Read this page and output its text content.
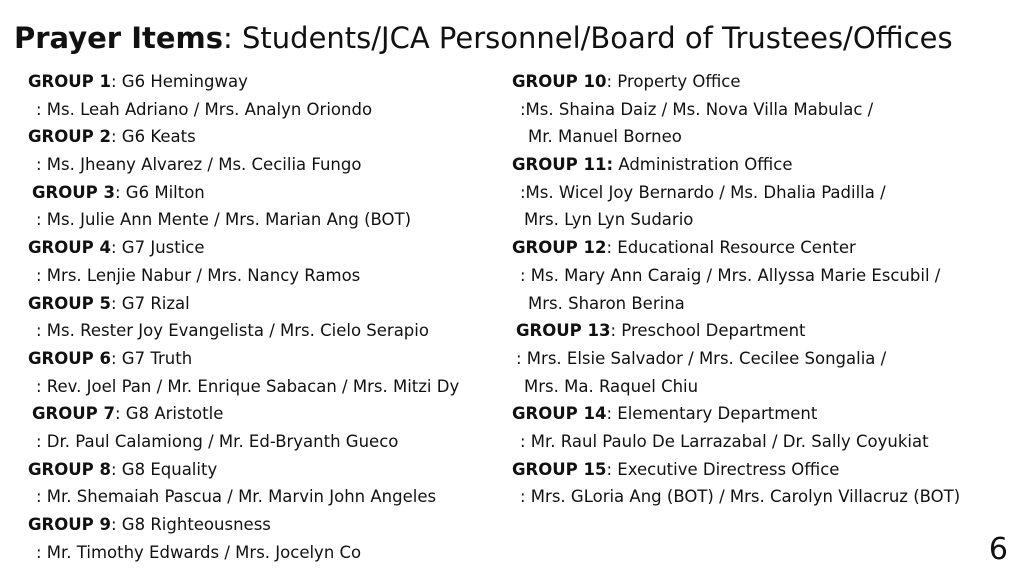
Prayer Items: Students/JCA Personnel/Board of Trustees/Offices
GROUP 1: G6 Hemingway
: Ms. Leah Adriano / Mrs. Analyn Oriondo
GROUP 2: G6 Keats
: Ms. Jheany Alvarez / Ms. Cecilia Fungo
GROUP 3: G6 Milton
: Ms. Julie Ann Mente / Mrs. Marian Ang (BOT)
GROUP 4: G7 Justice
: Mrs. Lenjie Nabur / Mrs. Nancy Ramos
GROUP 5: G7 Rizal
: Ms. Rester Joy Evangelista / Mrs. Cielo Serapio
GROUP 6: G7 Truth
: Rev. Joel Pan / Mr. Enrique Sabacan / Mrs. Mitzi Dy
GROUP 7: G8 Aristotle
: Dr. Paul Calamiong / Mr. Ed-Bryanth Gueco
GROUP 8: G8 Equality
: Mr. Shemaiah Pascua / Mr. Marvin John Angeles
GROUP 9: G8 Righteousness
: Mr. Timothy Edwards / Mrs. Jocelyn Co
GROUP 10: Property Office
:Ms. Shaina Daiz / Ms. Nova Villa Mabulac /
Mr. Manuel Borneo
GROUP 11: Administration Office
:Ms. Wicel Joy Bernardo / Ms. Dhalia Padilla /
Mrs. Lyn Lyn Sudario
GROUP 12: Educational Resource Center
: Ms. Mary Ann Caraig / Mrs. Allyssa Marie Escubil /
Mrs. Sharon Berina
GROUP 13: Preschool Department
: Mrs. Elsie Salvador / Mrs. Cecilee Songalia /
Mrs. Ma. Raquel Chiu
GROUP 14: Elementary Department
: Mr. Raul Paulo De Larrazabal / Dr. Sally Coyukiat
GROUP 15: Executive Directress Office
: Mrs. GLoria Ang (BOT) / Mrs. Carolyn Villacruz (BOT)
6
